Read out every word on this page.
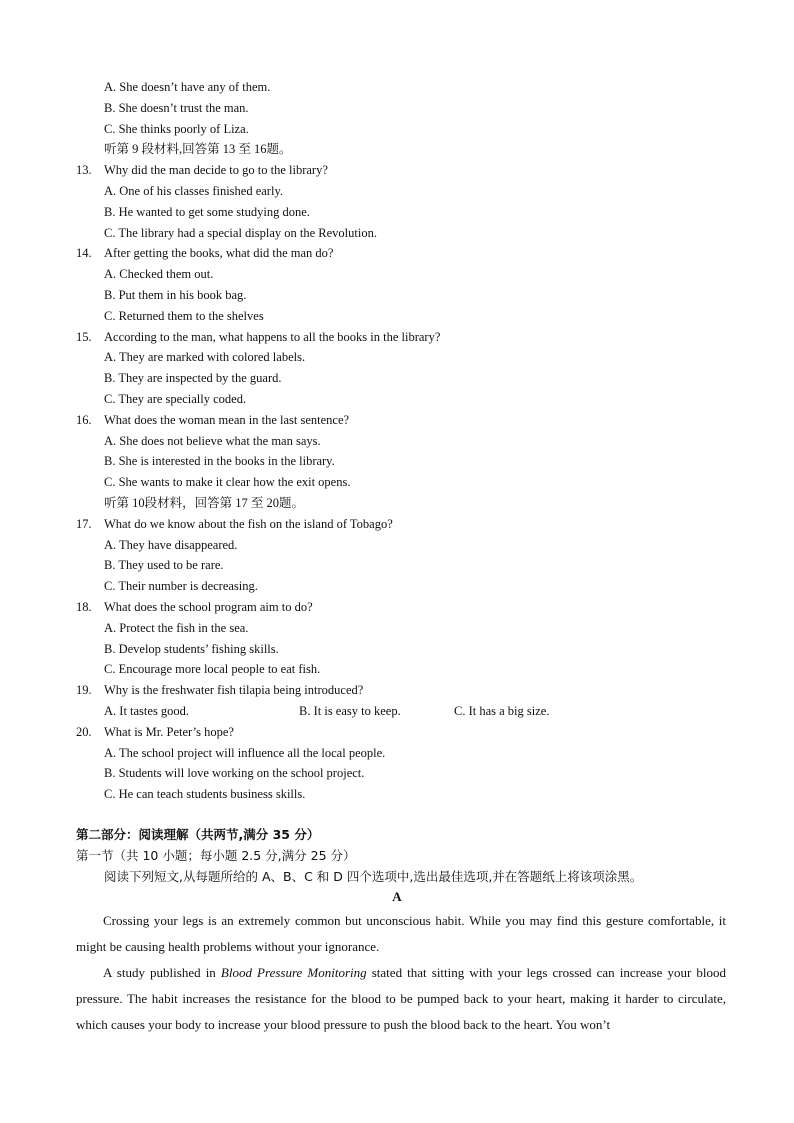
A. She doesn’t have any of them.
B. She doesn’t trust the man.
C. She thinks poorly of Liza.
听第 9 段材料,回答第 13 至 16题。
13. Why did the man decide to go to the library?
A. One of his classes finished early.
B. He wanted to get some studying done.
C. The library had a special display on the Revolution.
14. After getting the books, what did the man do?
A. Checked them out.
B. Put them in his book bag.
C. Returned them to the shelves
15. According to the man, what happens to all the books in the library?
A. They are marked with colored labels.
B. They are inspected by the guard.
C. They are specially coded.
16. What does the woman mean in the last sentence?
A. She does not believe what the man says.
B. She is interested in the books in the library.
C. She wants to make it clear how the exit opens.
听第 10段材料，回答第 17 至 20题。
17. What do we know about the fish on the island of Tobago?
A. They have disappeared.
B. They used to be rare.
C. Their number is decreasing.
18. What does the school program aim to do?
A. Protect the fish in the sea.
B. Develop students’ fishing skills.
C. Encourage more local people to eat fish.
19. Why is the freshwater fish tilapia being introduced?
A. It tastes good.	B. It is easy to keep.	C. It has a big size.
20. What is Mr. Peter’s hope?
A. The school project will influence all the local people.
B. Students will love working on the school project.
C. He can teach students business skills.
第二部分：阅读理解（共两节,满分 35 分）
第一节（共 10 小题；每小题 2.5 分,满分 25 分）
阅读下列短文,从每题所给的 A、B、C 和 D 四个选项中,选出最佳选项,并在答题纸上将该项涂黑。
A
Crossing your legs is an extremely common but unconscious habit. While you may find this gesture comfortable, it might be causing health problems without your ignorance.
A study published in Blood Pressure Monitoring stated that sitting with your legs crossed can increase your blood pressure. The habit increases the resistance for the blood to be pumped back to your heart, making it harder to circulate, which causes your body to increase your blood pressure to push the blood back to the heart. You won’t
